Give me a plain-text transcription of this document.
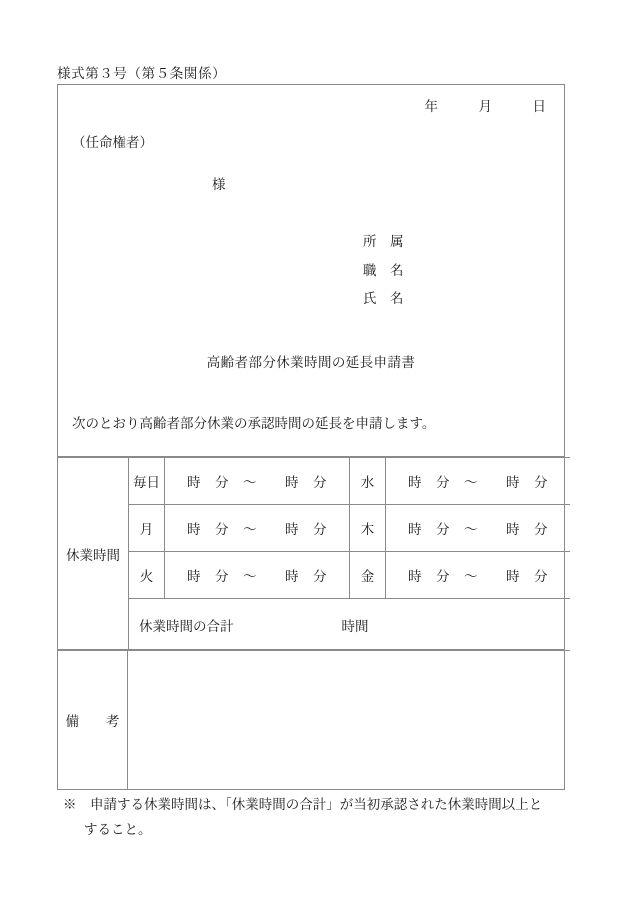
様式第３号（第５条関係）
年　　　月　　　日
（任命権者）
様
所　属
職　名
氏　名
高齢者部分休業時間の延長申請書
次のとおり高齢者部分休業の承認時間の延長を申請します。
休業時間	毎日	時　分　～　　時　分	水	時　分　～　　時　分
	月	時　分　～　　時　分	木	時　分　～　　時　分
	火	時　分　～　　時　分	金	時　分　～　　時　分
	休業時間の合計　　　　　　　　時間			
備　　考
※　申請する休業時間は、「休業時間の合計」が当初承認された休業時間以上と
すること。
